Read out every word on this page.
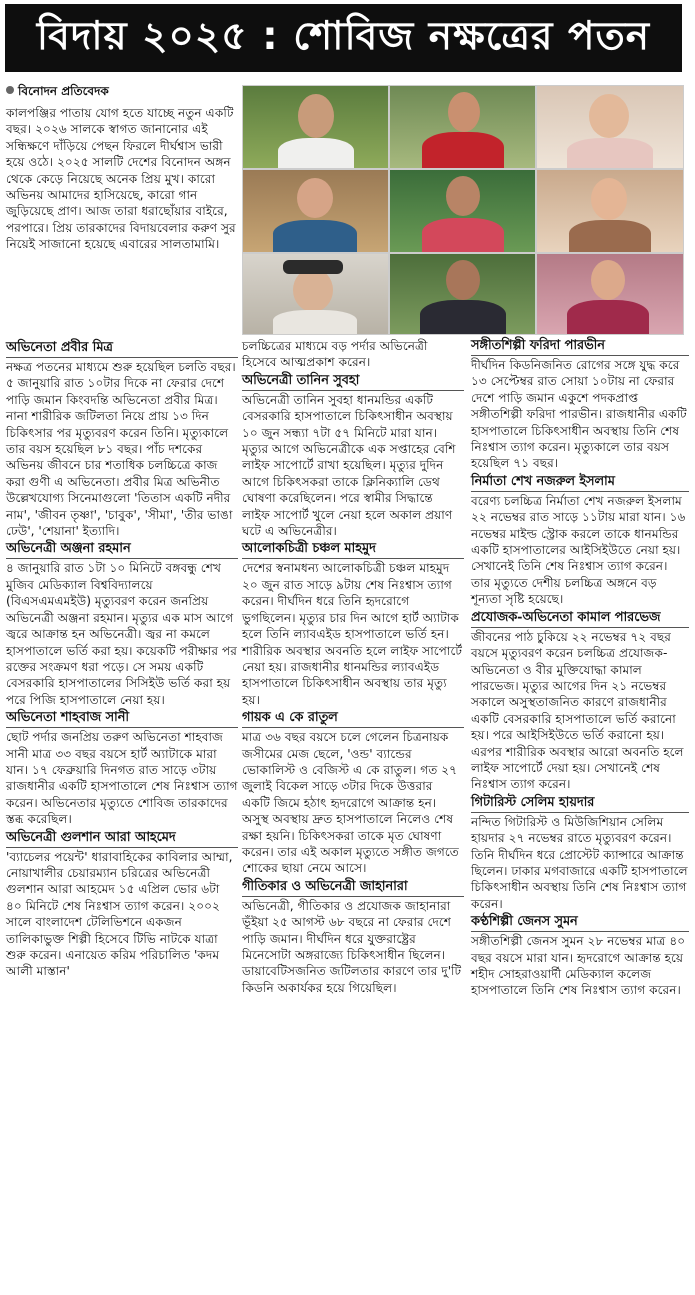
বিদায় ২০২৫ : শোবিজ নক্ষত্রের পতন
বিনোদন প্রতিবেদক

কালপঞ্জির পাতায় যোগ হতে যাচ্ছে নতুন একটি বছর। ২০২৬ সালকে স্বাগত জানানোর এই সন্ধিক্ষণে দাঁড়িয়ে পেছন ফিরলে দীর্ঘশ্বাস ভারী হয়ে ওঠে। ২০২৫ সালটি দেশের বিনোদন অঙ্গন থেকে কেড়ে নিয়েছে অনেক প্রিয় মুখ। কারো অভিনয় আমাদের হাসিয়েছে, কারো গান জুড়িয়েছে প্রাণ। আজ তারা ধরাছোঁয়ার বাইরে, পরপারে। প্রিয় তারকাদের বিদায়বেলার করুণ সুর নিয়েই সাজানো হয়েছে এবারের সালতামামি।

অভিনেতা প্রবীর মিত্র

নক্ষত্র পতনের মাধ্যমে শুরু হয়েছিল চলতি বছর। ৫ জানুয়ারি রাত ১০টার দিকে না ফেরার দেশে পাড়ি জমান কিংবদন্তি অভিনেতা প্রবীর মিত্র। নানা শারীরিক জটিলতা নিয়ে প্রায় ১৩ দিন চিকিৎসার পর মৃত্যুবরণ করেন তিনি। মৃত্যুকালে তার বয়স হয়েছিল ৮১ বছর। পাঁচ দশকের অভিনয় জীবনে চার শতাধিক চলচ্চিত্রে কাজ করা গুণী এ অভিনেতা। প্রবীর মিত্র অভিনীত উল্লেখযোগ্য সিনেমাগুলো 'তিতাস একটি নদীর নাম', 'জীবন তৃষ্ণা', 'চাবুক', 'সীমা', 'তীর ভাঙা ঢেউ', 'শেয়ানা' ইত্যাদি।

অভিনেত্রী অঞ্জনা রহমান

৪ জানুয়ারি রাত ১টা ১০ মিনিটে বঙ্গবন্ধু শেখ মুজিব মেডিক্যাল বিশ্ববিদ্যালয়ে (বিএসএমএমইউ) মৃত্যুবরণ করেন জনপ্রিয় অভিনেত্রী অঞ্জনা রহমান। মৃত্যুর এক মাস আগে জ্বরে আক্রান্ত হন অভিনেত্রী। জ্বর না কমলে হাসপাতালে ভর্তি করা হয়। কয়েকটি পরীক্ষার পর রক্তের সংক্রমণ ধরা পড়ে। সে সময় একটি বেসরকারি হাসপাতালের সিসিইউ ভর্তি করা হয় পরে পিজি হাসপাতালে নেয়া হয়।

অভিনেতা শাহবাজ সানী

ছোট পর্দার জনপ্রিয় তরুণ অভিনেতা শাহবাজ সানী মাত্র ৩৩ বছর বয়সে হার্ট অ্যাটাকে মারা যান। ১৭ ফেব্রুয়ারি দিনগত রাত সাড়ে ৩টায় রাজধানীর একটি হাসপাতালে শেষ নিঃশ্বাস ত্যাগ করেন। অভিনেতার মৃত্যুতে শোবিজ তারকাদের স্তব্ধ করেছিল।

অভিনেত্রী গুলশান আরা আহমেদ

'ব্যাচেলর পয়েন্ট' ধারাবাহিকের কাবিলার আম্মা, নোয়াখালীর চেয়ারম্যান চরিত্রের অভিনেত্রী গুলশান আরা আহমেদ ১৫ এপ্রিল ভোর ৬টা ৪০ মিনিটে শেষ নিঃশ্বাস ত্যাগ করেন। ২০০২ সালে বাংলাদেশ টেলিভিশনে একজন তালিকাভুক্ত শিল্পী হিসেবে টিভি নাটকে যাত্রা শুরু করেন। এনায়েত করিম পরিচালিত 'কদম আলী মাস্তান'

চলচ্চিত্রের মাধ্যমে বড় পর্দার অভিনেত্রী হিসেবে আত্মপ্রকাশ করেন।

অভিনেত্রী তানিন সুবহা

অভিনেত্রী তানিন সুবহা ধানমন্ডির একটি বেসরকারি হাসপাতালে চিকিৎসাধীন অবস্থায় ১০ জুন সন্ধ্যা ৭টা ৫৭ মিনিটে মারা যান। মৃত্যুর আগে অভিনেত্রীকে এক সপ্তাহের বেশি লাইফ সাপোর্টে রাখা হয়েছিল। মৃত্যুর দুদিন আগে চিকিৎসকরা তাকে ক্লিনিক্যালি ডেথ ঘোষণা করেছিলেন। পরে স্বামীর সিদ্ধান্তে লাইফ সাপোর্ট খুলে নেয়া হলে অকাল প্রয়াণ ঘটে এ অভিনেত্রীর।

আলোকচিত্রী চঞ্চল মাহমুদ

দেশের স্বনামধন্য আলোকচিত্রী চঞ্চল মাহমুদ ২০ জুন রাত সাড়ে ৯টায় শেষ নিঃশ্বাস ত্যাগ করেন। দীর্ঘদিন ধরে তিনি হৃদরোগে ভুগছিলেন। মৃত্যুর চার দিন আগে হার্ট অ্যাটাক হলে তিনি ল্যাবএইড হাসপাতালে ভর্তি হন। শারীরিক অবস্থার অবনতি হলে লাইফ সাপোর্টে নেয়া হয়। রাজধানীর ধানমন্ডির ল্যাবএইড হাসপাতালে চিকিৎসাধীন অবস্থায় তার মৃত্যু হয়।

গায়ক এ কে রাতুল

মাত্র ৩৬ বছর বয়সে চলে গেলেন চিত্রনায়ক জসীমের মেজ ছেলে, 'ওন্ড' ব্যান্ডের ভোকালিস্ট ও বেজিস্ট এ কে রাতুল। গত ২৭ জুলাই বিকেল সাড়ে ৩টার দিকে উত্তরার একটি জিমে হঠাৎ হৃদরোগে আক্রান্ত হন। অসুস্থ অবস্থায় দ্রুত হাসপাতালে নিলেও শেষ রক্ষা হয়নি। চিকিৎসকরা তাকে মৃত ঘোষণা করেন। তার এই অকাল মৃত্যুতে সঙ্গীত জগতে শোকের ছায়া নেমে আসে।

গীতিকার ও অভিনেত্রী জাহানারা

অভিনেত্রী, গীতিকার ও প্রযোজক জাহানারা ভূঁইয়া ২৫ আগস্ট ৬৮ বছরে না ফেরার দেশে পাড়ি জমান। দীর্ঘদিন ধরে যুক্তরাষ্ট্রের মিনেসোটা অঙ্গরাজ্যে চিকিৎসাধীন ছিলেন। ডায়াবেটিসজনিত জটিলতার কারণে তার দু'টি কিডনি অকার্যকর হয়ে গিয়েছিল।

সঙ্গীতশিল্পী ফরিদা পারভীন

দীর্ঘদিন কিডনিজনিত রোগের সঙ্গে যুদ্ধ করে ১৩ সেপ্টেম্বর রাত সোয়া ১০টায় না ফেরার দেশে পাড়ি জমান একুশে পদকপ্রাপ্ত সঙ্গীতশিল্পী ফরিদা পারভীন। রাজধানীর একটি হাসপাতালে চিকিৎসাধীন অবস্থায় তিনি শেষ নিঃশ্বাস ত্যাগ করেন। মৃত্যুকালে তার বয়স হয়েছিল ৭১ বছর।

নির্মাতা শেখ নজরুল ইসলাম

বরেণ্য চলচ্চিত্র নির্মাতা শেখ নজরুল ইসলাম ২২ নভেম্বর রাত সাড়ে ১১টায় মারা যান। ১৬ নভেম্বর মাইল্ড স্ট্রোক করলে তাকে ধানমন্ডির একটি হাসপাতালের আইসিইউতে নেয়া হয়। সেখানেই তিনি শেষ নিঃশ্বাস ত্যাগ করেন। তার মৃত্যুতে দেশীয় চলচ্চিত্র অঙ্গনে বড় শূন্যতা সৃষ্টি হয়েছে।

প্রযোজক-অভিনেতা কামাল পারভেজ

জীবনের পাঠ চুকিয়ে ২২ নভেম্বর ৭২ বছর বয়সে মৃত্যুবরণ করেন চলচ্চিত্র প্রযোজক-অভিনেতা ও বীর মুক্তিযোদ্ধা কামাল পারভেজ। মৃত্যুর আগের দিন ২১ নভেম্বর সকালে অসুস্থতাজনিত কারণে রাজধানীর একটি বেসরকারি হাসপাতালে ভর্তি করানো হয়। পরে আইসিইউতে ভর্তি করানো হয়। এরপর শারীরিক অবস্থার আরো অবনতি হলে লাইফ সাপোর্টে দেয়া হয়। সেখানেই শেষ নিঃশ্বাস ত্যাগ করেন।

গিটারিস্ট সেলিম হায়দার

নন্দিত গিটারিস্ট ও মিউজিশিয়ান সেলিম হায়দার ২৭ নভেম্বর রাতে মৃত্যুবরণ করেন। তিনি দীর্ঘদিন ধরে প্রোস্টেট ক্যান্সারে আক্রান্ত ছিলেন। ঢাকার মগবাজারে একটি হাসপাতালে চিকিৎসাধীন অবস্থায় তিনি শেষ নিঃশ্বাস ত্যাগ করেন।

কণ্ঠশিল্পী জেনস সুমন

সঙ্গীতশিল্পী জেনস সুমন ২৮ নভেম্বর মাত্র ৪০ বছর বয়সে মারা যান। হৃদরোগে আক্রান্ত হয়ে শহীদ সোহরাওয়ার্দী মেডিক্যাল কলেজ হাসপাতালে তিনি শেষ নিঃশ্বাস ত্যাগ করেন।
